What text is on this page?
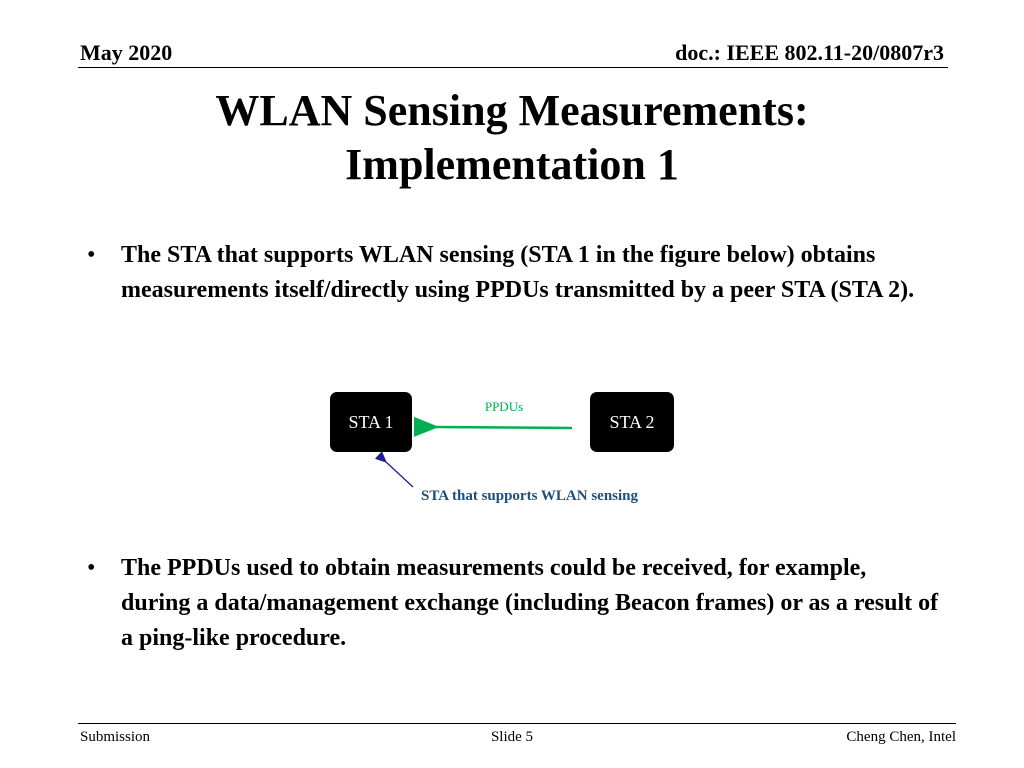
May 2020	doc.: IEEE 802.11-20/0807r3
WLAN Sensing Measurements:
Implementation 1
• The STA that supports WLAN sensing (STA 1 in the figure below) obtains measurements itself/directly using PPDUs transmitted by a peer STA (STA 2).
STA 1	STA 2
PPDUs
STA that supports WLAN sensing
• The PPDUs used to obtain measurements could be received, for example, during a data/management exchange (including Beacon frames) or as a result of a ping-like procedure.
Submission	Slide 5	Cheng Chen, Intel
